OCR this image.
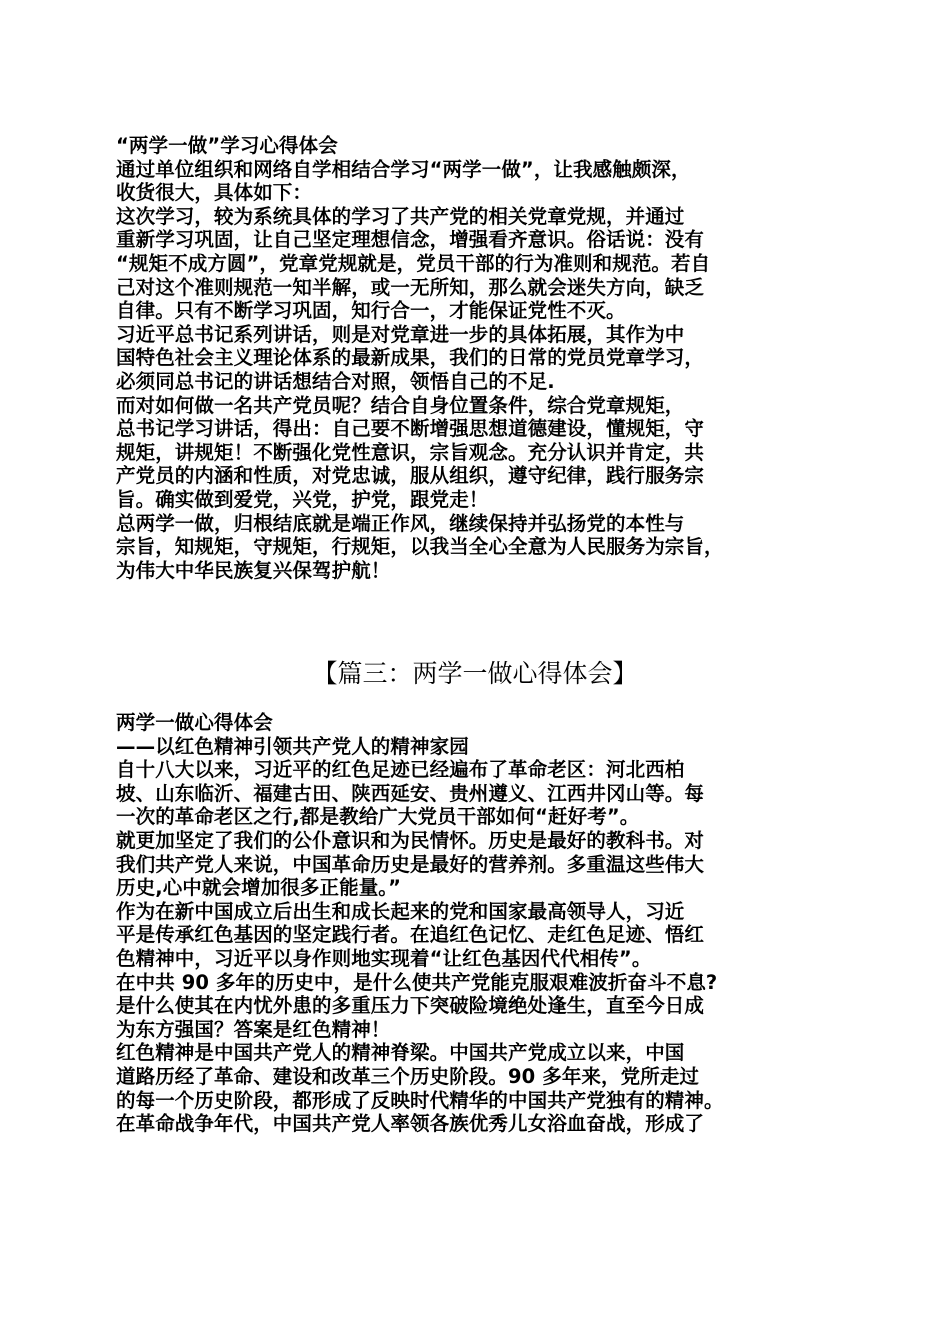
“两学一做”学习心得体会
通过单位组织和网络自学相结合学习“两学一做”，让我感触颇深，
收货很大，具体如下：
这次学习，较为系统具体的学习了共产党的相关党章党规，并通过
重新学习巩固，让自己坚定理想信念，增强看齐意识。俗话说：没有
“规矩不成方圆”，党章党规就是，党员干部的行为准则和规范。若自
己对这个准则规范一知半解，或一无所知，那么就会迷失方向，缺乏
自律。只有不断学习巩固，知行合一，才能保证党性不灭。
习近平总书记系列讲话，则是对党章进一步的具体拓展，其作为中
国特色社会主义理论体系的最新成果，我们的日常的党员党章学习，
必须同总书记的讲话想结合对照，领悟自己的不足.
而对如何做一名共产党员呢？结合自身位置条件，综合党章规矩，
总书记学习讲话，得出：自己要不断增强思想道德建设，懂规矩，守
规矩，讲规矩！不断强化党性意识，宗旨观念。充分认识并肯定，共
产党员的内涵和性质，对党忠诚，服从组织，遵守纪律，践行服务宗
旨。确实做到爱党，兴党，护党，跟党走！
总两学一做，归根结底就是端正作风，继续保持并弘扬党的本性与
宗旨，知规矩，守规矩，行规矩，以我当全心全意为人民服务为宗旨，
为伟大中华民族复兴保驾护航！
【篇三：两学一做心得体会】
两学一做心得体会
——以红色精神引领共产党人的精神家园
自十八大以来，习近平的红色足迹已经遍布了革命老区：河北西柏
坡、山东临沂、福建古田、陕西延安、贵州遵义、江西井冈山等。每
一次的革命老区之行,都是教给广大党员干部如何“赶好考”。
就更加坚定了我们的公仆意识和为民情怀。历史是最好的教科书。对
我们共产党人来说，中国革命历史是最好的营养剂。多重温这些伟大
历史,心中就会增加很多正能量。”
作为在新中国成立后出生和成长起来的党和国家最高领导人，习近
平是传承红色基因的坚定践行者。在追红色记忆、走红色足迹、悟红
色精神中，习近平以身作则地实现着“让红色基因代代相传”。
在中共 90 多年的历史中，是什么使共产党能克服艰难波折奋斗不息?
是什么使其在内忧外患的多重压力下突破险境绝处逢生，直至今日成
为东方强国？答案是红色精神！
红色精神是中国共产党人的精神脊梁。中国共产党成立以来，中国
道路历经了革命、建设和改革三个历史阶段。90 多年来，党所走过
的每一个历史阶段，都形成了反映时代精华的中国共产党独有的精神。
在革命战争年代，中国共产党人率领各族优秀儿女浴血奋战，形成了
